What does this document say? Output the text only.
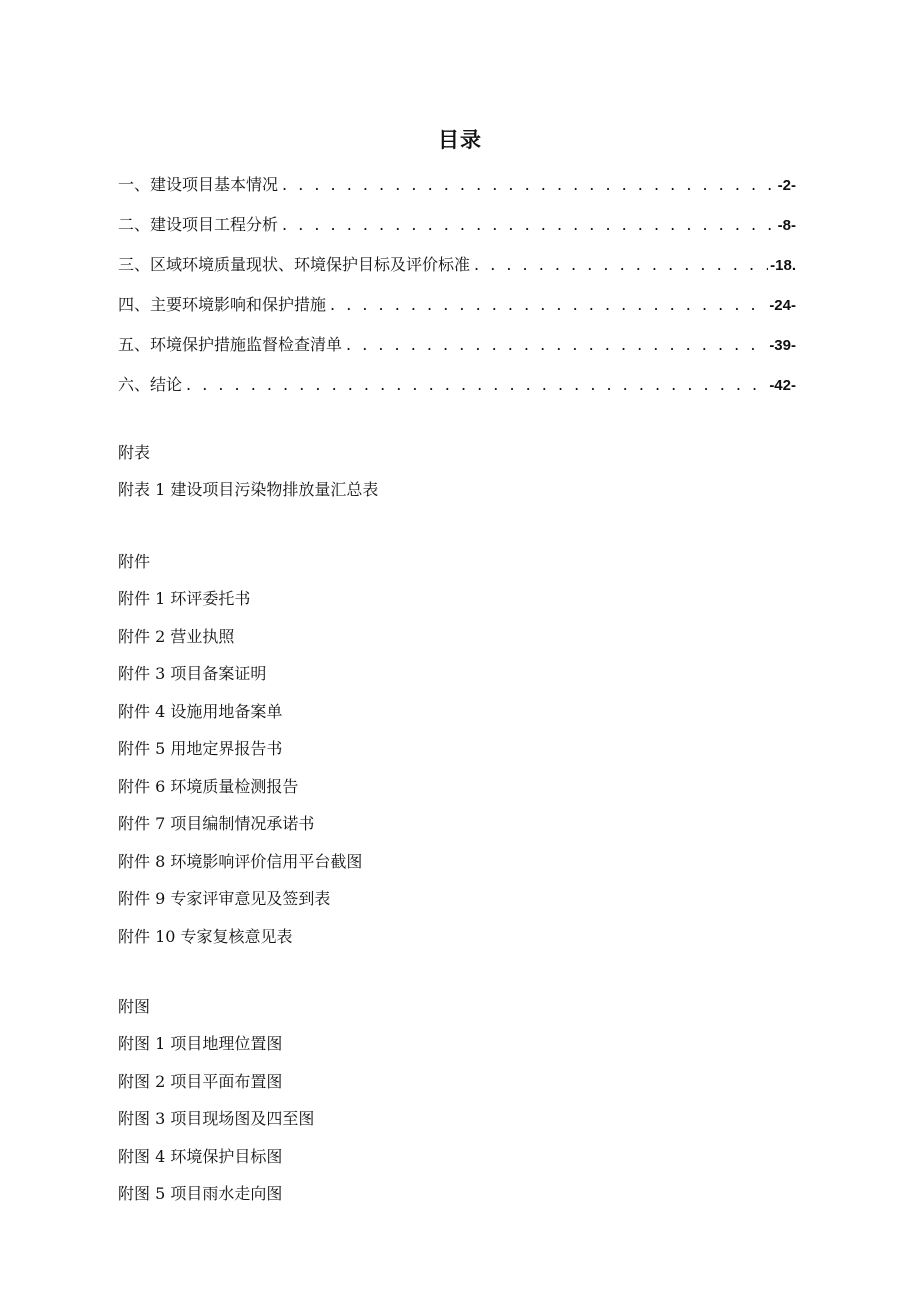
目录
一、建设项目基本情况 . . .	-2-
二、建设项目工程分析 . . .	-8-
三、区域环境质量现状、环境保护目标及评价标准 . . .	-18.
四、主要环境影响和保护措施 . . .	-24-
五、环境保护措施监督检查清单 . . .	-39-
六、结论 . . .	-42-
附表
附表 1 建设项目污染物排放量汇总表
附件
附件 1 环评委托书
附件 2 营业执照
附件 3 项目备案证明
附件 4 设施用地备案单
附件 5 用地定界报告书
附件 6 环境质量检测报告
附件 7 项目编制情况承诺书
附件 8 环境影响评价信用平台截图
附件 9 专家评审意见及签到表
附件 10 专家复核意见表
附图
附图 1 项目地理位置图
附图 2 项目平面布置图
附图 3 项目现场图及四至图
附图 4 环境保护目标图
附图 5 项目雨水走向图
